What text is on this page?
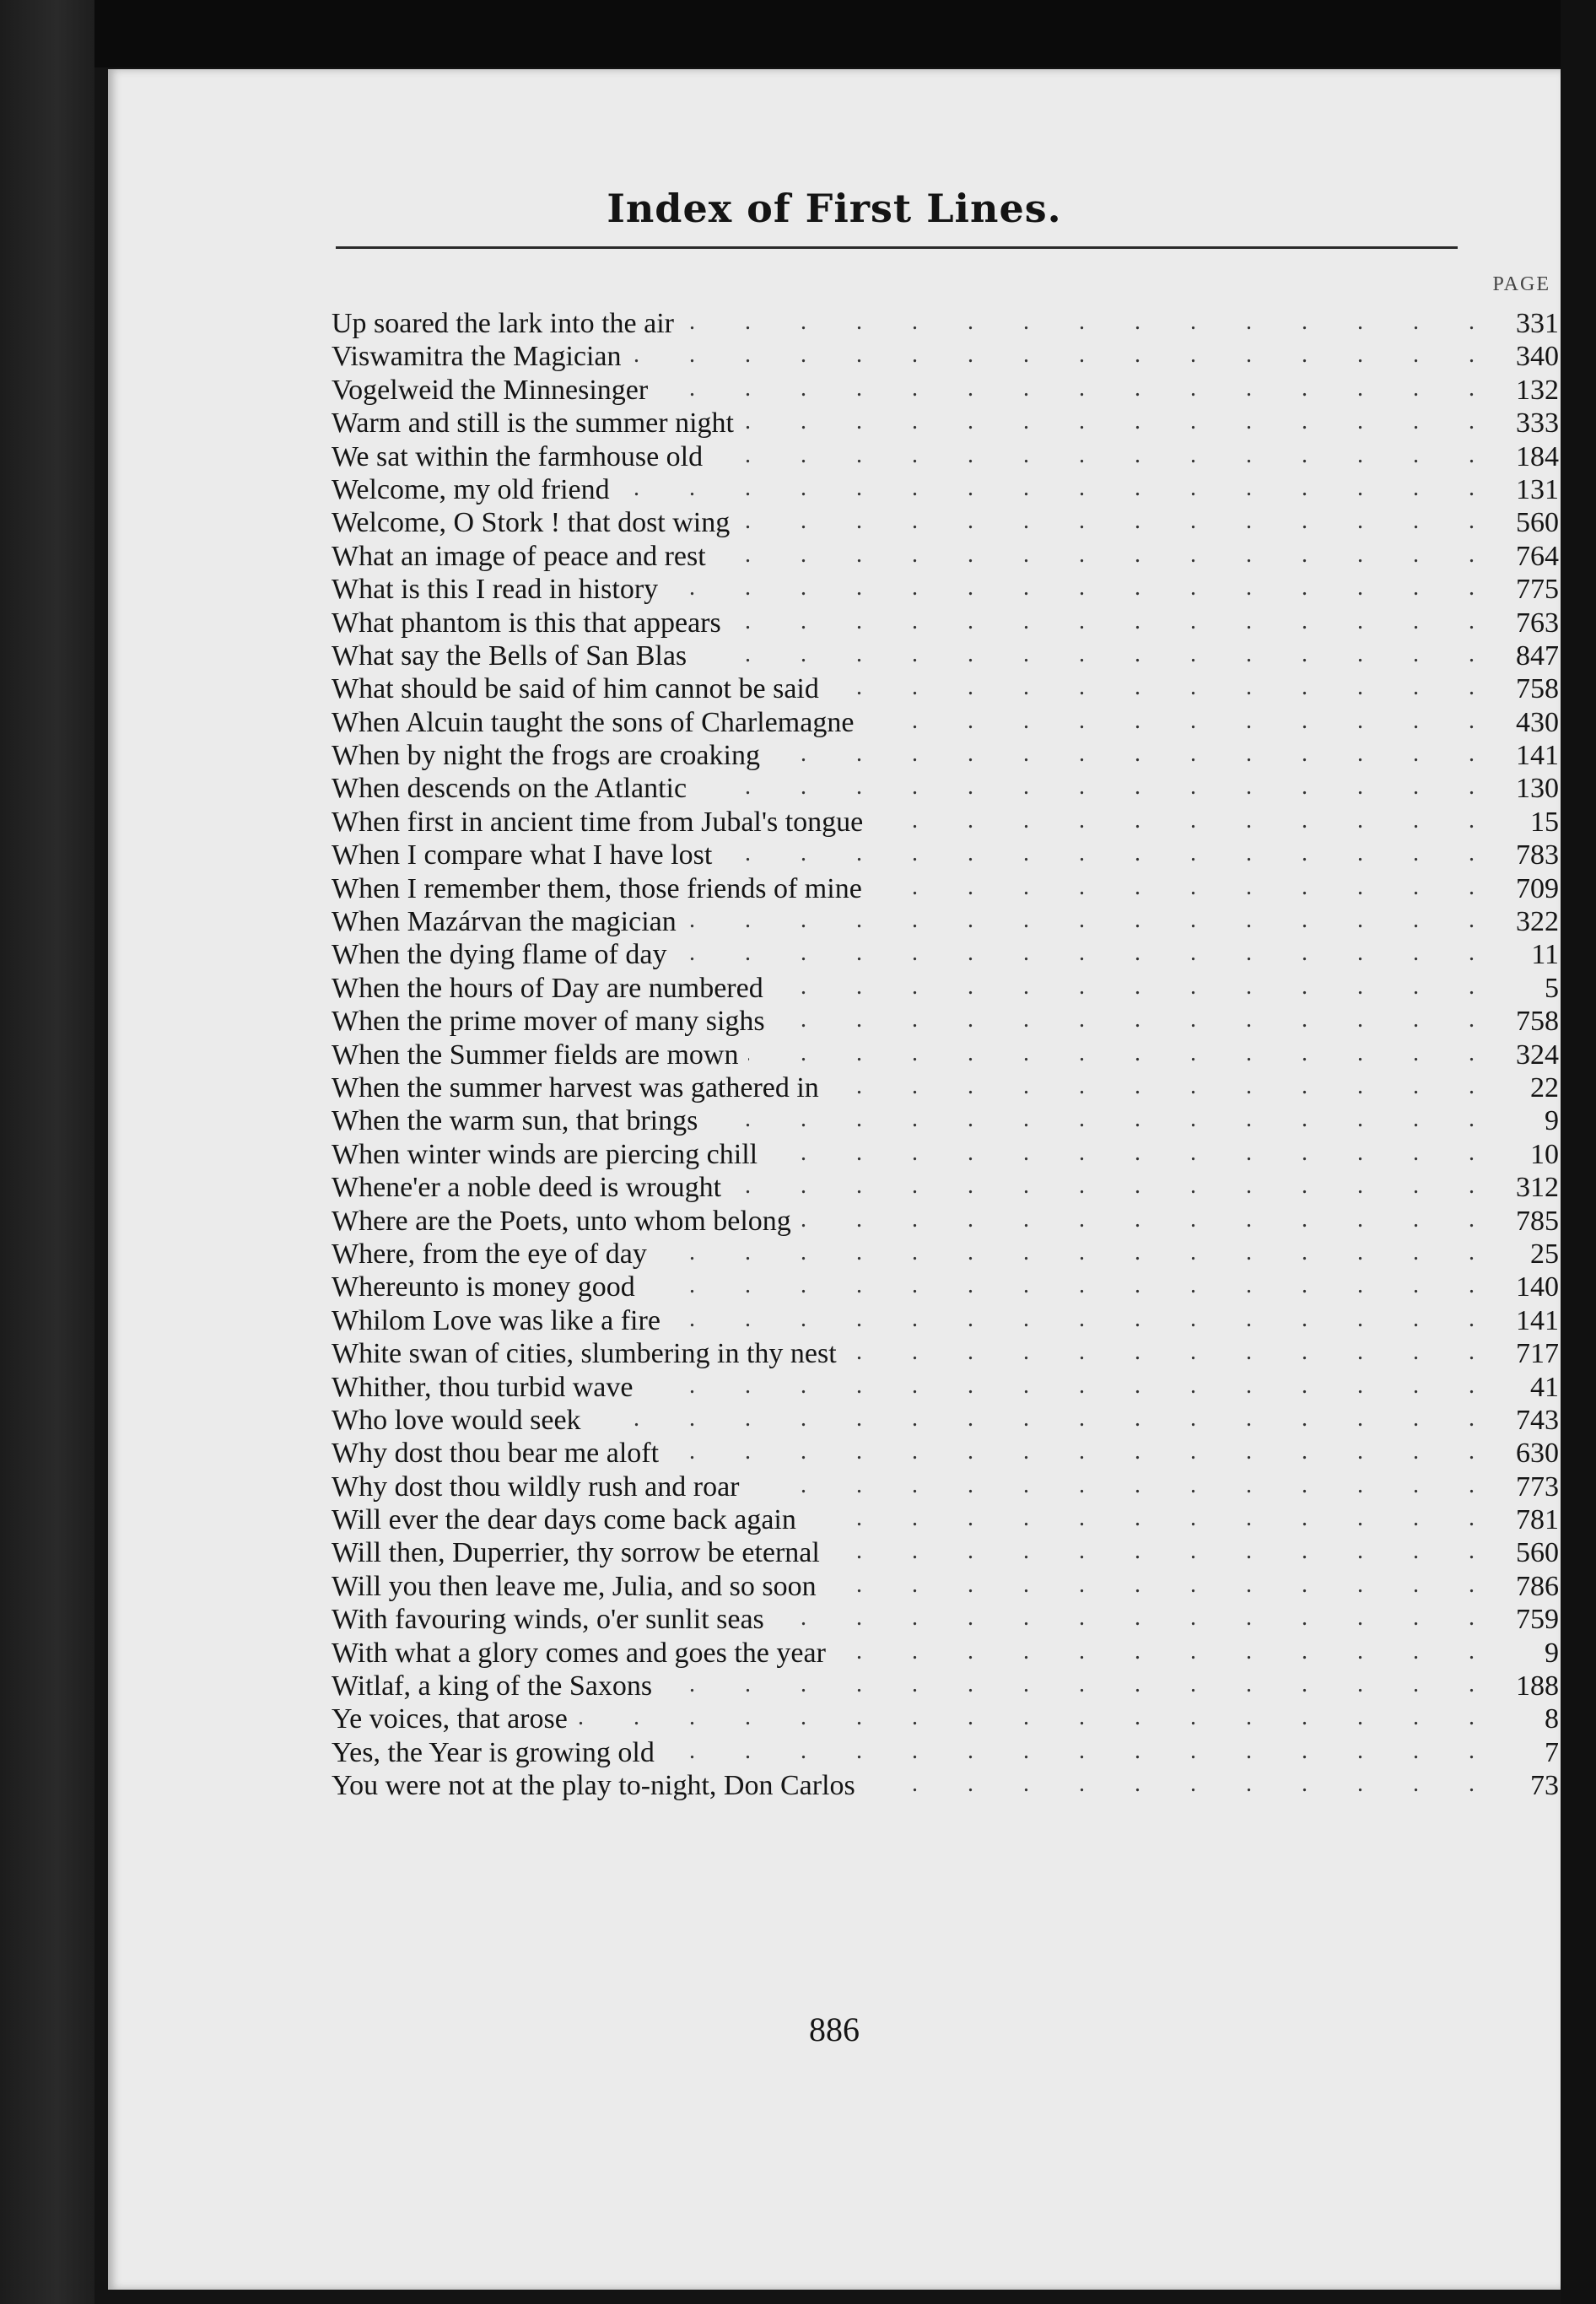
Index of First Lines.
PAGE
Up soared the lark into the air . . .	331
Viswamitra the Magician . . .	340
Vogelweid the Minnesinger . . .	132
Warm and still is the summer night . . .	333
We sat within the farmhouse old . . .	184
Welcome, my old friend . . .	131
Welcome, O Stork ! that dost wing . . .	560
What an image of peace and rest . . .	764
What is this I read in history . . .	775
What phantom is this that appears . . .	763
What say the Bells of San Blas . . .	847
What should be said of him cannot be said . . .	758
When Alcuin taught the sons of Charlemagne . . .	430
When by night the frogs are croaking . . .	141
When descends on the Atlantic . . .	130
When first in ancient time from Jubal's tongue . . .	15
When I compare what I have lost . . .	783
When I remember them, those friends of mine . . .	709
When Mazárvan the magician . . .	322
When the dying flame of day . . .	11
When the hours of Day are numbered . . .	5
When the prime mover of many sighs . . .	758
When the Summer fields are mown . . .	324
When the summer harvest was gathered in . . .	22
When the warm sun, that brings . . .	9
When winter winds are piercing chill . . .	10
Whene'er a noble deed is wrought . . .	312
Where are the Poets, unto whom belong . . .	785
Where, from the eye of day . . .	25
Whereunto is money good . . .	140
Whilom Love was like a fire . . .	141
White swan of cities, slumbering in thy nest . . .	717
Whither, thou turbid wave . . .	41
Who love would seek . . .	743
Why dost thou bear me aloft . . .	630
Why dost thou wildly rush and roar . . .	773
Will ever the dear days come back again . . .	781
Will then, Duperrier, thy sorrow be eternal . . .	560
Will you then leave me, Julia, and so soon . . .	786
With favouring winds, o'er sunlit seas . . .	759
With what a glory comes and goes the year . . .	9
Witlaf, a king of the Saxons . . .	188
Ye voices, that arose . . .	8
Yes, the Year is growing old . . .	7
You were not at the play to-night, Don Carlos . . .	73
886
